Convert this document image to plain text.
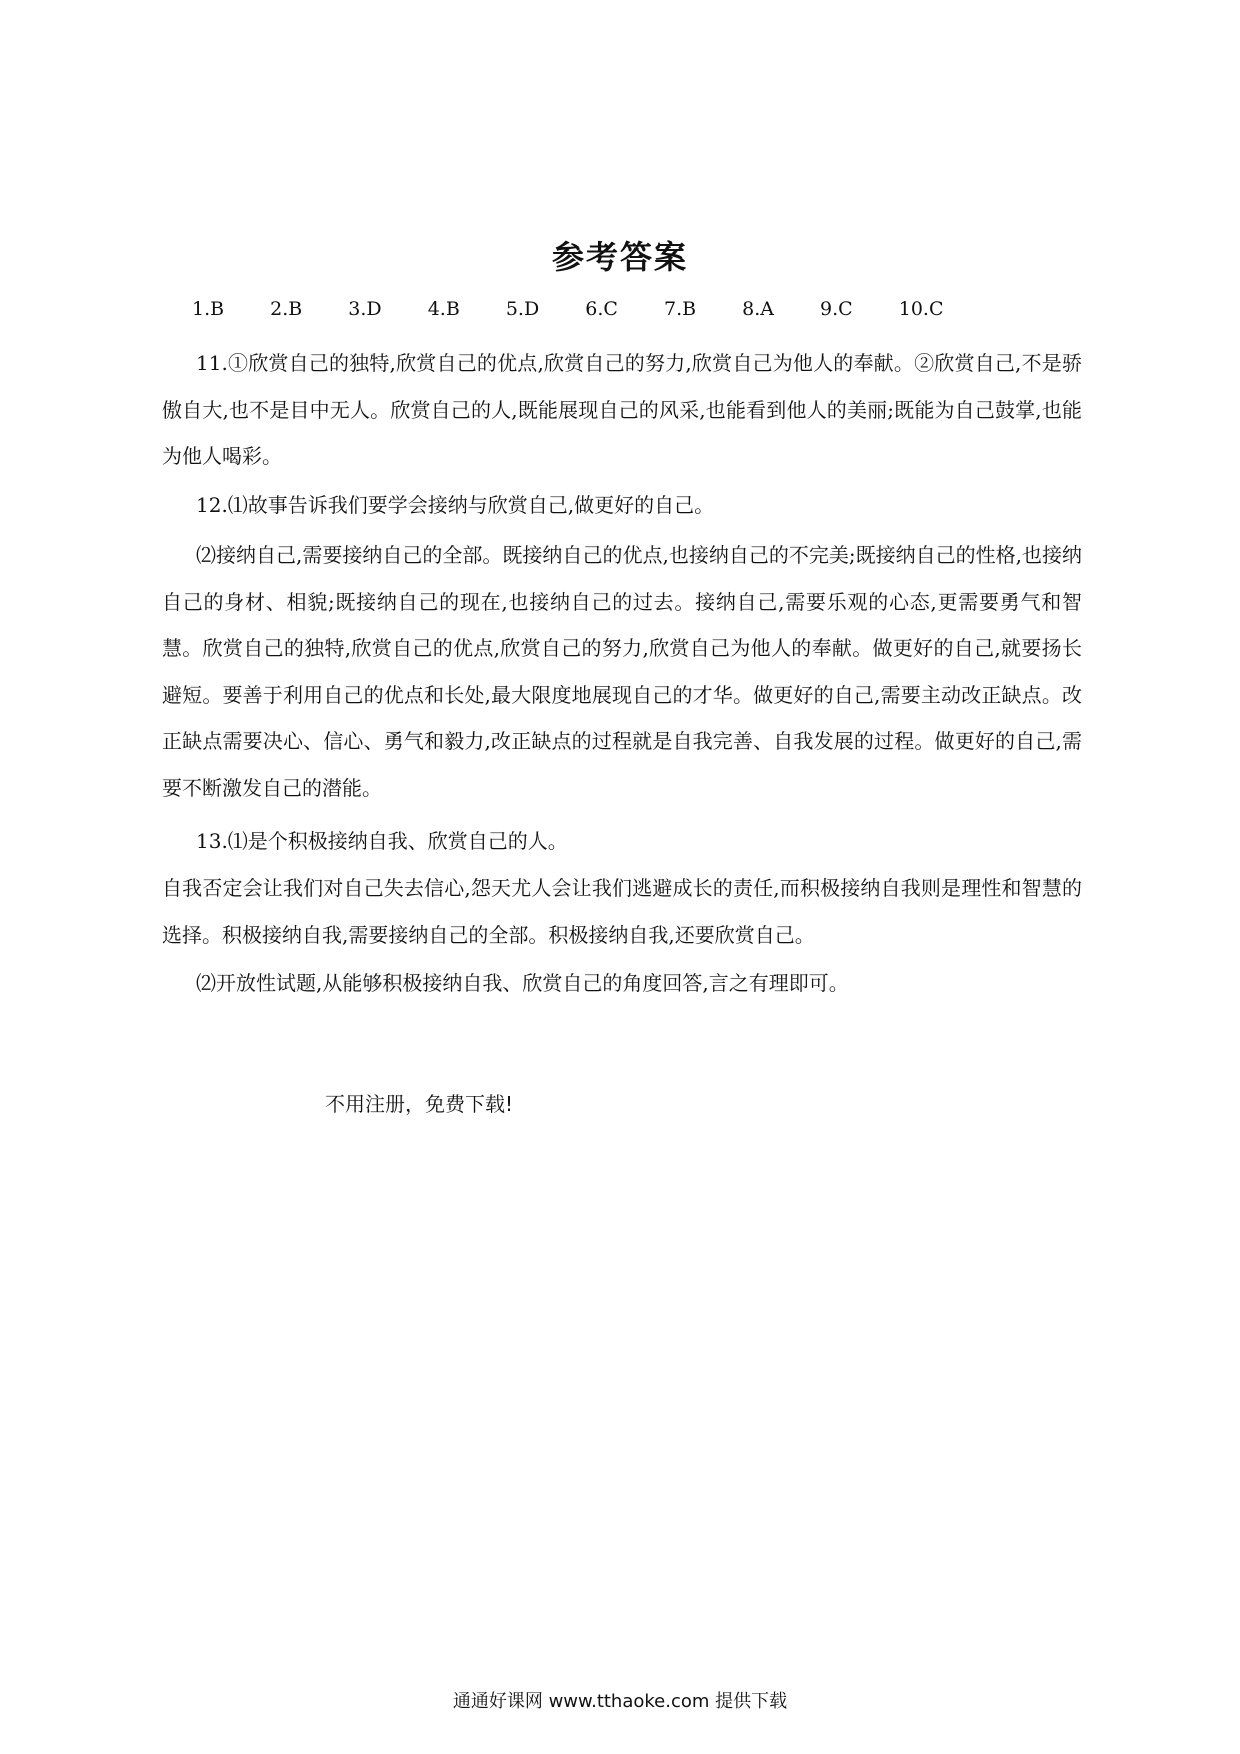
参考答案
1.B 2.B 3.D 4.B 5.D 6.C 7.B 8.A 9.C 10.C
11.①欣赏自己的独特,欣赏自己的优点,欣赏自己的努力,欣赏自己为他人的奉献。②欣赏自己,不是骄傲自大,也不是目中无人。欣赏自己的人,既能展现自己的风采,也能看到他人的美丽;既能为自己鼓掌,也能为他人喝彩。
12.⑴故事告诉我们要学会接纳与欣赏自己,做更好的自己。
⑵接纳自己,需要接纳自己的全部。既接纳自己的优点,也接纳自己的不完美;既接纳自己的性格,也接纳自己的身材、相貌;既接纳自己的现在,也接纳自己的过去。接纳自己,需要乐观的心态,更需要勇气和智慧。欣赏自己的独特,欣赏自己的优点,欣赏自己的努力,欣赏自己为他人的奉献。做更好的自己,就要扬长避短。要善于利用自己的优点和长处,最大限度地展现自己的才华。做更好的自己,需要主动改正缺点。改正缺点需要决心、信心、勇气和毅力,改正缺点的过程就是自我完善、自我发展的过程。做更好的自己,需要不断激发自己的潜能。
13.⑴是个积极接纳自我、欣赏自己的人。
自我否定会让我们对自己失去信心,怨天尤人会让我们逃避成长的责任,而积极接纳自我则是理性和智慧的选择。积极接纳自我,需要接纳自己的全部。积极接纳自我,还要欣赏自己。
⑵开放性试题,从能够积极接纳自我、欣赏自己的角度回答,言之有理即可。
不用注册，免费下载!
通通好课网 www.tthaoke.com 提供下载
